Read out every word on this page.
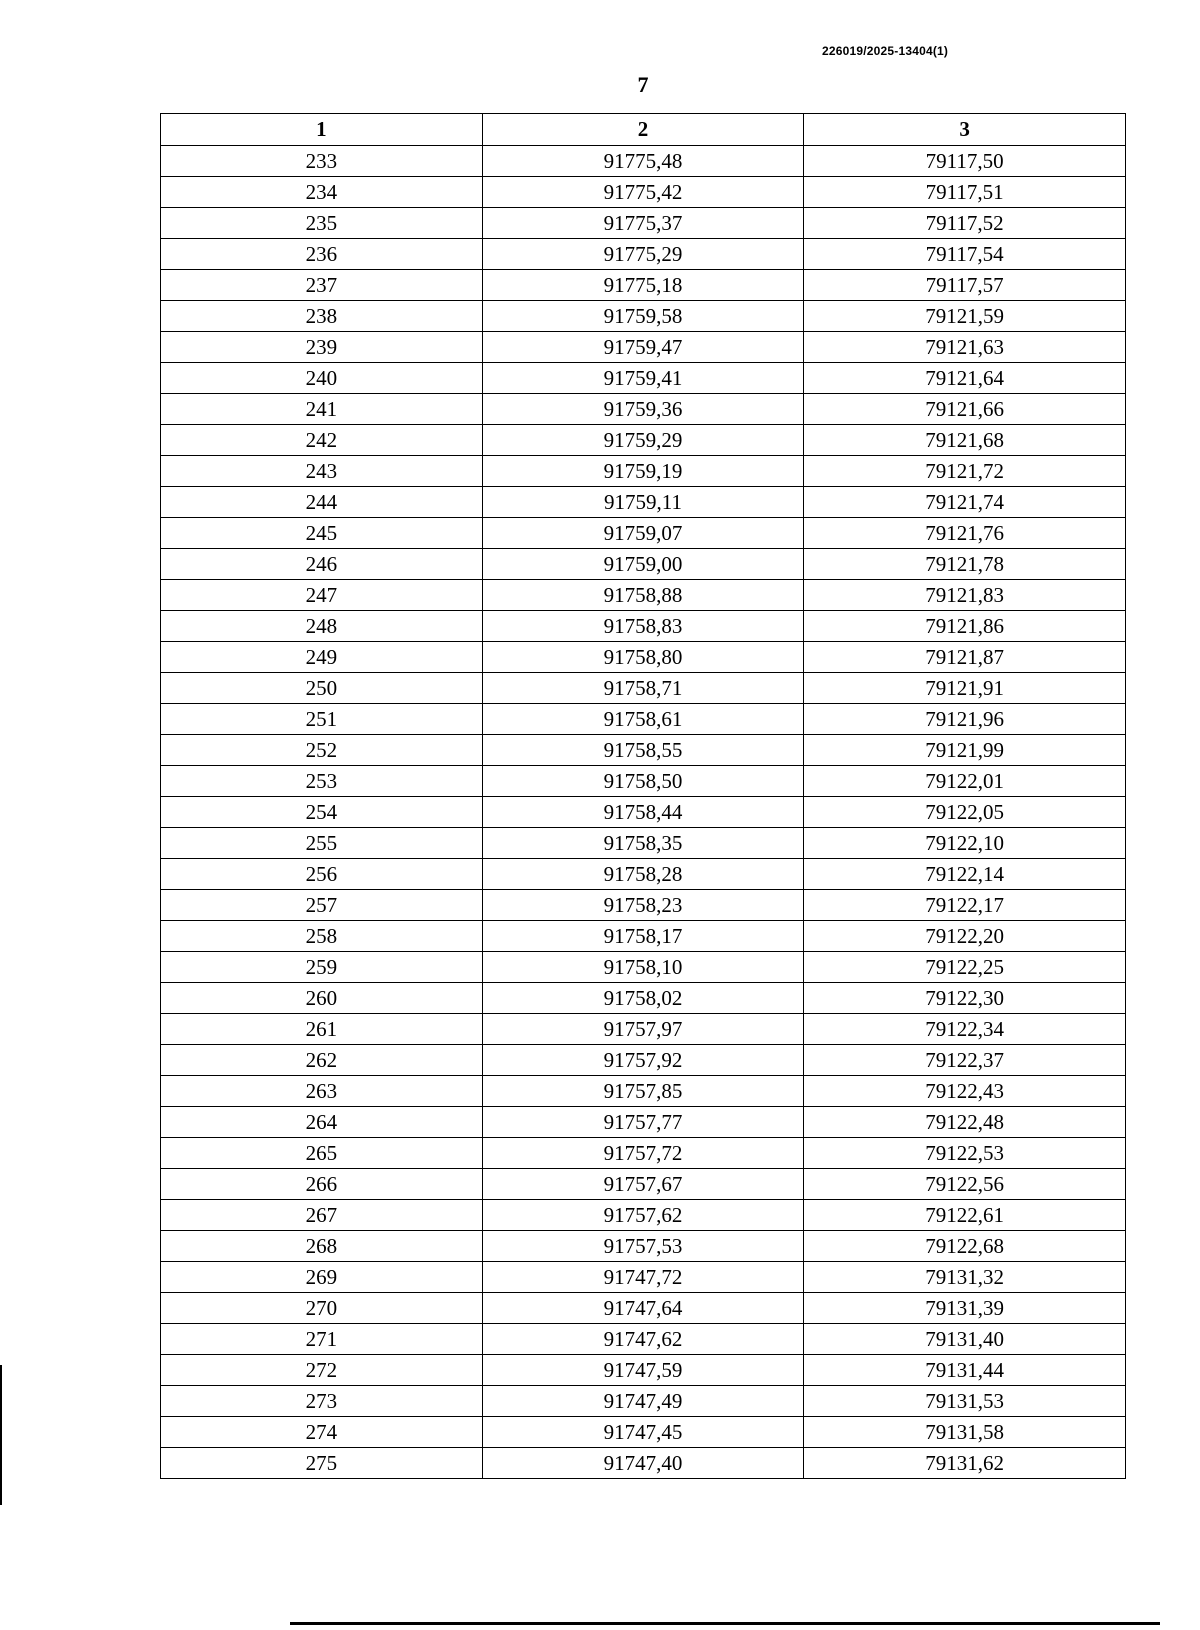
226019/2025-13404(1)
7
1	2	3
233	91775,48	79117,50
234	91775,42	79117,51
235	91775,37	79117,52
236	91775,29	79117,54
237	91775,18	79117,57
238	91759,58	79121,59
239	91759,47	79121,63
240	91759,41	79121,64
241	91759,36	79121,66
242	91759,29	79121,68
243	91759,19	79121,72
244	91759,11	79121,74
245	91759,07	79121,76
246	91759,00	79121,78
247	91758,88	79121,83
248	91758,83	79121,86
249	91758,80	79121,87
250	91758,71	79121,91
251	91758,61	79121,96
252	91758,55	79121,99
253	91758,50	79122,01
254	91758,44	79122,05
255	91758,35	79122,10
256	91758,28	79122,14
257	91758,23	79122,17
258	91758,17	79122,20
259	91758,10	79122,25
260	91758,02	79122,30
261	91757,97	79122,34
262	91757,92	79122,37
263	91757,85	79122,43
264	91757,77	79122,48
265	91757,72	79122,53
266	91757,67	79122,56
267	91757,62	79122,61
268	91757,53	79122,68
269	91747,72	79131,32
270	91747,64	79131,39
271	91747,62	79131,40
272	91747,59	79131,44
273	91747,49	79131,53
274	91747,45	79131,58
275	91747,40	79131,62
